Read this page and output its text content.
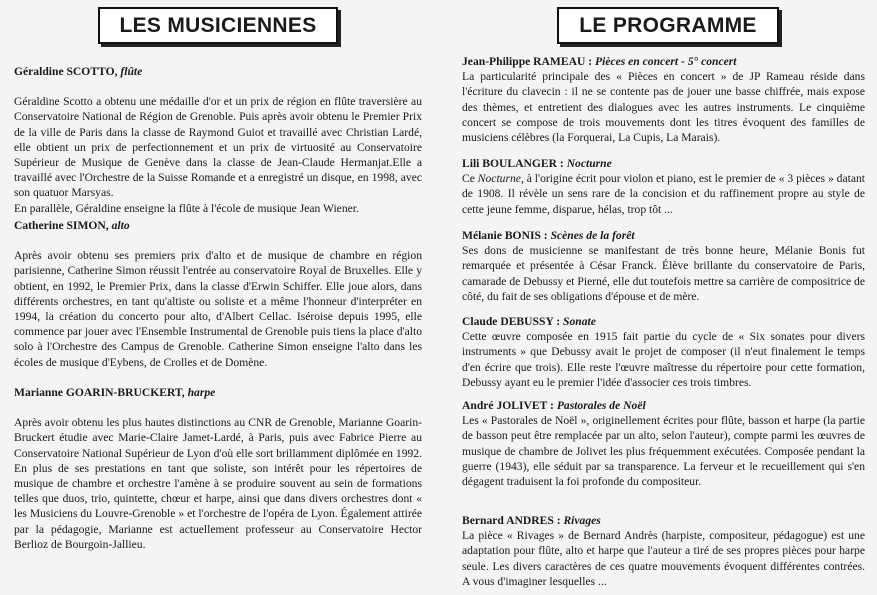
LES MUSICIENNES
Géraldine SCOTTO, flûte

Géraldine Scotto a obtenu une médaille d'or et un prix de région en flûte traversière au Conservatoire National de Région de Grenoble. Puis après avoir obtenu le Premier Prix de la ville de Paris dans la classe de Raymond Guiot et travaillé avec Christian Lardé, elle obtient un prix de perfectionnement et un prix de virtuosité au Conservatoire Supérieur de Musique de Genève dans la classe de Jean-Claude Hermanjat.Elle a travaillé avec l'Orchestre de la Suisse Romande et a enregistré un disque, en 1998, avec son quatuor Marsyas.

En parallèle, Géraldine enseigne la flûte à l'école de musique Jean Wiener.

Catherine SIMON, alto

Après avoir obtenu ses premiers prix d'alto et de musique de chambre en région parisienne, Catherine Simon réussit l'entrée au conservatoire Royal de Bruxelles. Elle y obtient, en 1992, le Premier Prix, dans la classe d'Erwin Schiffer. Elle joue alors, dans différents orchestres, en tant qu'altiste ou soliste et a même l'honneur d'interpréter en 1994, la création du concerto pour alto, d'Albert Cellac. Iséroise depuis 1995, elle commence par jouer avec l'Ensemble Instrumental de Grenoble puis tiens la place d'alto solo à l'Orchestre des Campus de Grenoble. Catherine Simon enseigne l'alto dans les écoles de musique d'Eybens, de Crolles et de Domène.

Marianne GOARIN-BRUCKERT, harpe

Après avoir obtenu les plus hautes distinctions au CNR de Grenoble, Marianne Goarin-Bruckert étudie avec Marie-Claire Jamet-Lardé, à Paris, puis avec Fabrice Pierre au Conservatoire National Supérieur de Lyon d'où elle sort brillamment diplômée en 1992. En plus de ses prestations en tant que soliste, son intérêt pour les répertoires de musique de chambre et orchestre l'amène à se produire souvent au sein de formations telles que duos, trio, quintette, chœur et harpe, ainsi que dans divers orchestres dont « les Musiciens du Louvre-Grenoble » et l'orchestre de l'opéra de Lyon. Également attirée par la pédagogie, Marianne est actuellement professeur au Conservatoire Hector Berlioz de Bourgoin-Jallieu.

LE PROGRAMME
Jean-Philippe RAMEAU : Pièces en concert - 5° concert
La particularité principale des « Pièces en concert » de JP Rameau réside dans l'écriture du clavecin : il ne se contente pas de jouer une basse chiffrée, mais expose des thèmes, et entretient des dialogues avec les autres instruments. Le cinquième concert se compose de trois mouvements dont les titres évoquent des familles de musiciens célèbres (la Forquerai, La Cupis, La Marais).
Lili BOULANGER : Nocturne
Ce Nocturne, à l'origine écrit pour violon et piano, est le premier de « 3 pièces » datant de 1908. Il révèle un sens rare de la concision et du raffinement propre au style de cette jeune femme, disparue, hélas, trop tôt ...
Mélanie BONIS : Scènes de la forêt
Ses dons de musicienne se manifestant de très bonne heure, Mélanie Bonis fut remarquée et présentée à César Franck. Élève brillante du conservatoire de Paris, camarade de Debussy et Pierné, elle dut toutefois mettre sa carrière de compositrice de côté, du fait de ses obligations d'épouse et de mère.
Claude DEBUSSY : Sonate
Cette œuvre composée en 1915 fait partie du cycle de « Six sonates pour divers instruments » que Debussy avait le projet de composer (il n'eut finalement le temps d'en écrire que trois). Elle reste l'œuvre maîtresse du répertoire pour cette formation, Debussy ayant eu le premier l'idée d'associer ces trois timbres.
André JOLIVET : Pastorales de Noël
Les « Pastorales de Noël », originellement écrites pour flûte, basson et harpe (la partie de basson peut être remplacée par un alto, selon l'auteur), compte parmi les œuvres de musique de chambre de Jolivet les plus fréquemment exécutées. Composée pendant la guerre (1943), elle séduit par sa transparence. La ferveur et le recueillement qui s'en dégagent traduisent la foi profonde du compositeur.
Bernard ANDRES : Rivages
La pièce « Rivages » de Bernard Andrès (harpiste, compositeur, pédagogue) est une adaptation pour flûte, alto et harpe que l'auteur a tiré de ses propres pièces pour harpe seule. Les divers caractères de ces quatre mouvements évoquent différentes contrées. A vous d'imaginer lesquelles ...
